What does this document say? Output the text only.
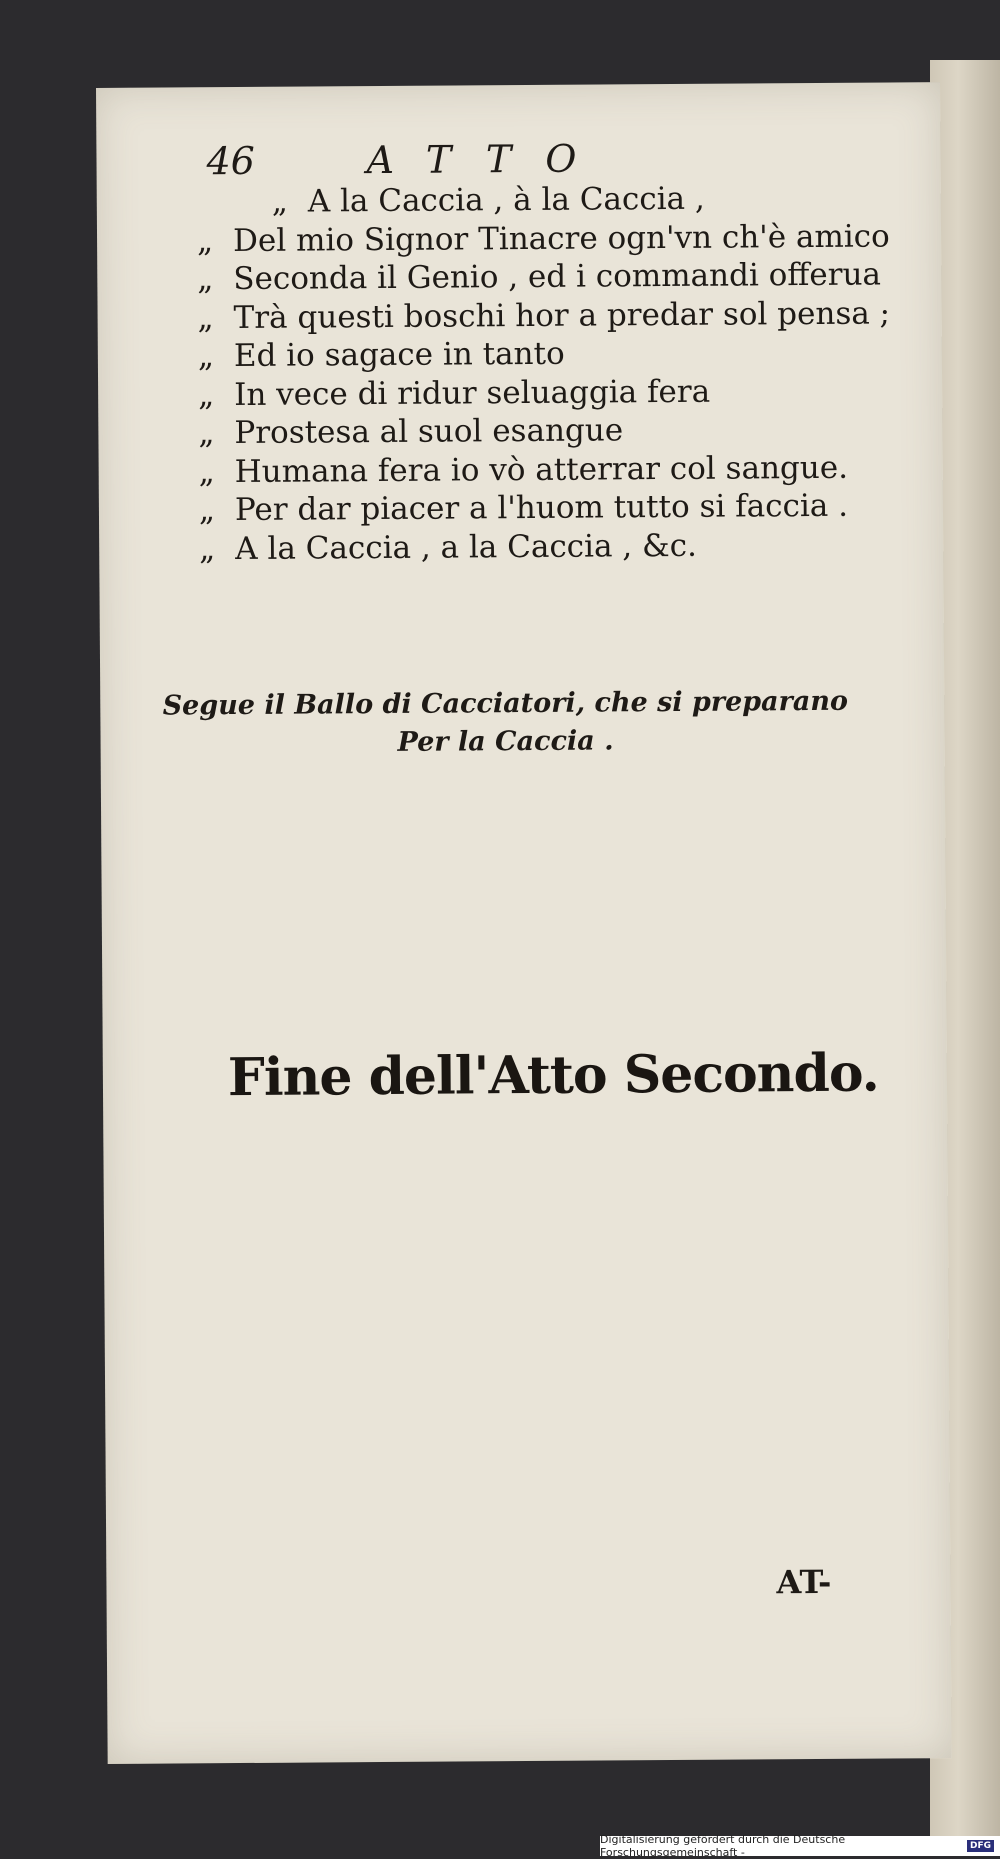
46	ATTO
„ A la Caccia , à la Caccia ,
„ Del mio Signor Tinacre ogn'vn ch'è amico
„ Seconda il Genio , ed i commandi offerua
„ Trà questi boschi hor a predar sol pensa ;
„ Ed io sagace in tanto
„ In vece di ridur seluaggia fera
„ Prostesa al suol esangue
„ Humana fera io vò atterrar col sangue.
„ Per dar piacer a l'huom tutto si faccia .
„ A la Caccia , a la Caccia , &c.
Segue il Ballo di Cacciatori, che si preparano
Per la Caccia .
Fine dell'Atto Secondo.
AT-
Digitalisierung gefördert durch die Deutsche Forschungsgemeinschaft -	DFG
